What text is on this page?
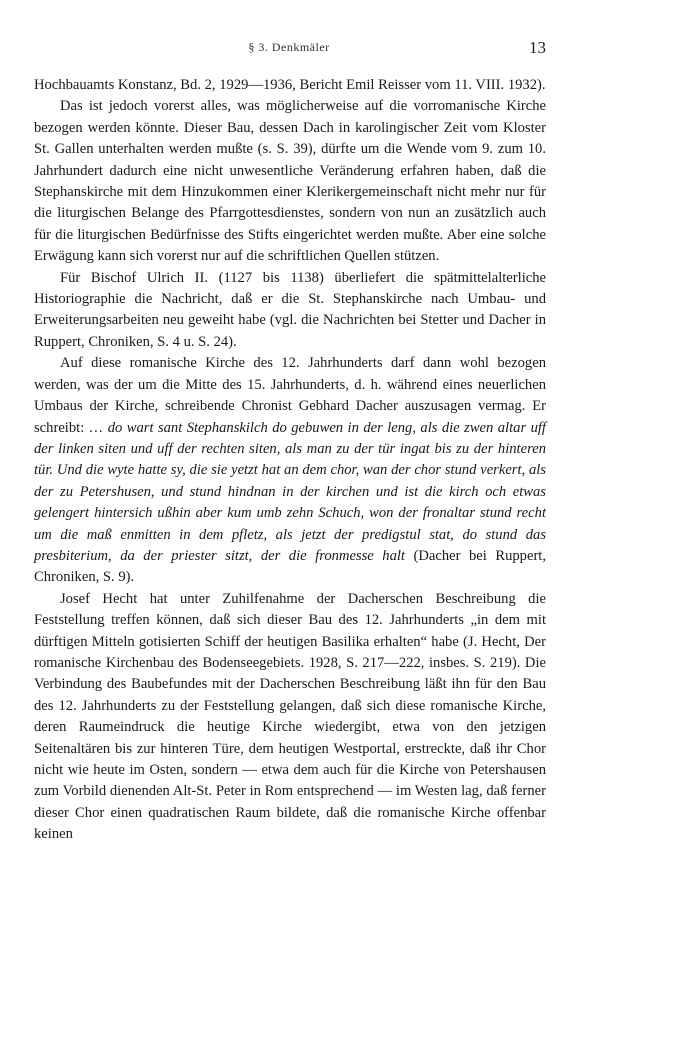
§ 3. Denkmäler	13

Hochbauamts Konstanz, Bd. 2, 1929—1936, Bericht Emil Reisser vom 11. VIII. 1932).

Das ist jedoch vorerst alles, was möglicherweise auf die vorromanische Kirche bezogen werden könnte. Dieser Bau, dessen Dach in karolingischer Zeit vom Kloster St. Gallen unterhalten werden mußte (s. S. 39), dürfte um die Wende vom 9. zum 10. Jahrhundert dadurch eine nicht unwesentliche Veränderung erfahren haben, daß die Stephanskirche mit dem Hinzukommen einer Klerikergemeinschaft nicht mehr nur für die liturgischen Belange des Pfarrgottesdienstes, sondern von nun an zusätzlich auch für die liturgischen Bedürfnisse des Stifts eingerichtet werden mußte. Aber eine solche Erwägung kann sich vorerst nur auf die schriftlichen Quellen stützen.

Für Bischof Ulrich II. (1127 bis 1138) überliefert die spätmittelalterliche Historiographie die Nachricht, daß er die St. Stephanskirche nach Umbau- und Erweiterungsarbeiten neu geweiht habe (vgl. die Nachrichten bei Stetter und Dacher in Ruppert, Chroniken, S. 4 u. S. 24).

Auf diese romanische Kirche des 12. Jahrhunderts darf dann wohl bezogen werden, was der um die Mitte des 15. Jahrhunderts, d. h. während eines neuerlichen Umbaus der Kirche, schreibende Chronist Gebhard Dacher auszusagen vermag. Er schreibt: … do wart sant Stephanskilch do gebuwen in der leng, als die zwen altar uff der linken siten und uff der rechten siten, als man zu der tür ingat bis zu der hinteren tür. Und die wyte hatte sy, die sie yetzt hat an dem chor, wan der chor stund verkert, als der zu Petershusen, und stund hindnan in der kirchen und ist die kirch och etwas gelengert hintersich ußhin aber kum umb zehn Schuch, won der fronaltar stund recht um die maß enmitten in dem pfletz, als jetzt der predigstul stat, do stund das presbiterium, da der priester sitzt, der die fronmesse halt (Dacher bei Ruppert, Chroniken, S. 9).

Josef Hecht hat unter Zuhilfenahme der Dacherschen Beschreibung die Feststellung treffen können, daß sich dieser Bau des 12. Jahrhunderts „in dem mit dürftigen Mitteln gotisierten Schiff der heutigen Basilika erhalten“ habe (J. Hecht, Der romanische Kirchenbau des Bodenseegebiets. 1928, S. 217—222, insbes. S. 219). Die Verbindung des Baubefundes mit der Dacherschen Beschreibung läßt ihn für den Bau des 12. Jahrhunderts zu der Feststellung gelangen, daß sich diese romanische Kirche, deren Raumeindruck die heutige Kirche wiedergibt, etwa von den jetzigen Seitenaltären bis zur hinteren Türe, dem heutigen Westportal, erstreckte, daß ihr Chor nicht wie heute im Osten, sondern — etwa dem auch für die Kirche von Petershausen zum Vorbild dienenden Alt-St. Peter in Rom entsprechend — im Westen lag, daß ferner dieser Chor einen quadratischen Raum bildete, daß die romanische Kirche offenbar keinen
